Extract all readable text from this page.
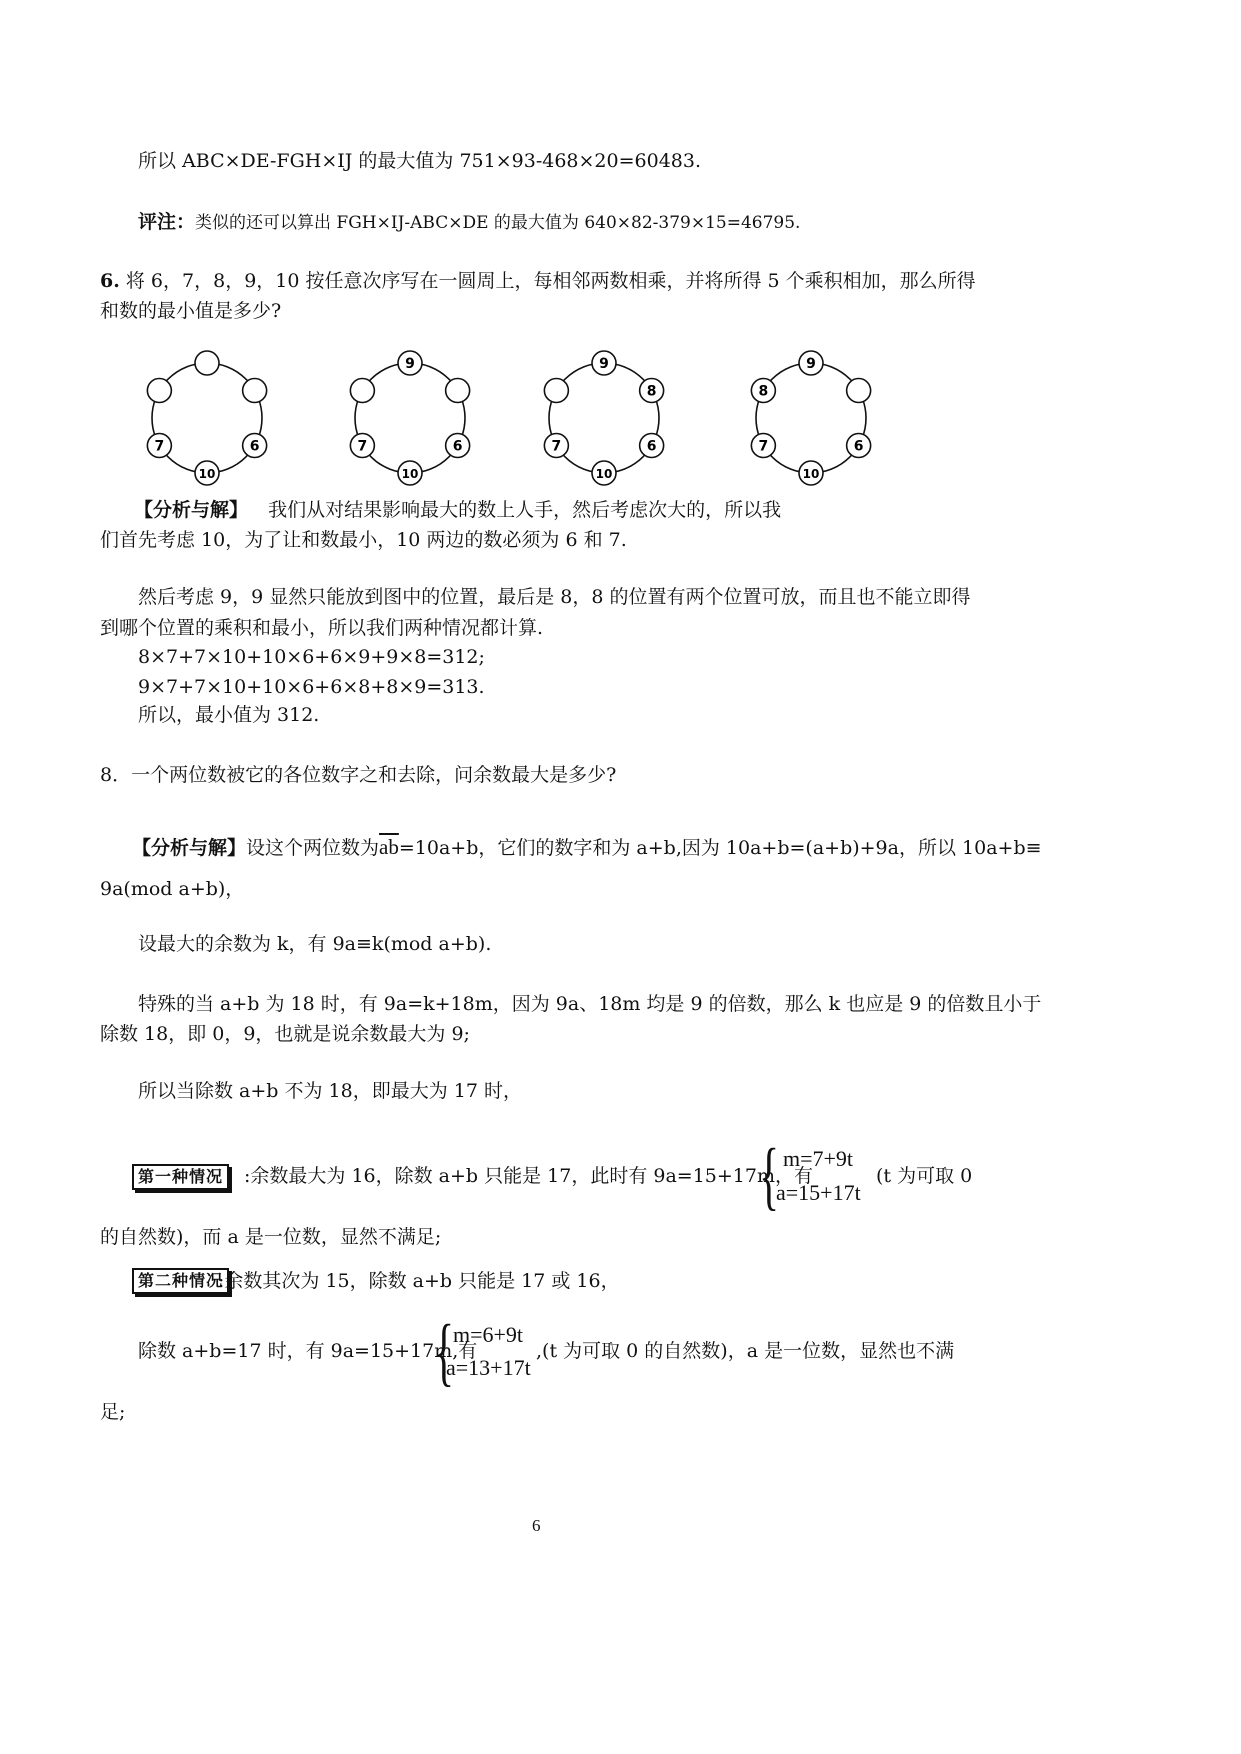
所以 ABC×DE-FGH×IJ 的最大值为 751×93-468×20=60483.
评注：类似的还可以算出 FGH×IJ-ABC×DE 的最大值为 640×82-379×15=46795.
6. 将 6，7，8，9，10 按任意次序写在一圆周上，每相邻两数相乘，并将所得 5 个乘积相加，那么所得
和数的最小值是多少?
6
10
7
9
6
10
7
9
8
6
10
7
9
8
6
10
7
【分析与解】 我们从对结果影响最大的数上人手，然后考虑次大的，所以我
们首先考虑 10，为了让和数最小，10 两边的数必须为 6 和 7.
然后考虑 9，9 显然只能放到图中的位置，最后是 8，8 的位置有两个位置可放，而且也不能立即得
到哪个位置的乘积和最小，所以我们两种情况都计算.
8×7+7×10+10×6+6×9+9×8=312;
9×7+7×10+10×6+6×8+8×9=313.
所以，最小值为 312.
8．一个两位数被它的各位数字之和去除，问余数最大是多少?
【分析与解】设这个两位数为$\overline{ab}=10a+b$，它们的数字和为 a+b,因为 10a+b=(a+b)+9a，所以 10a+b≡
9a(mod a+b)，
设最大的余数为 k，有 9a≡k(mod a+b).
特殊的当 a+b 为 18 时，有 9a=k+18m，因为 9a、18m 均是 9 的倍数，那么 k 也应是 9 的倍数且小于
除数 18，即 0，9，也就是说余数最大为 9;
所以当除数 a+b 不为 18，即最大为 17 时，
第一种情况	:余数最大为 16，除数 a+b 只能是 17，此时有 9a=15+17m，有
{ m=7+9t
a=15+17t
(t 为可取 0
的自然数)，而 a 是一位数，显然不满足;
第二种情况
:余数其次为 15，除数 a+b 只能是 17 或 16，
除数 a+b=17 时，有 9a=15+17m,有
{
m=6+9t
a=13+17t
,(t 为可取 0 的自然数)，a 是一位数，显然也不满
足;
6
